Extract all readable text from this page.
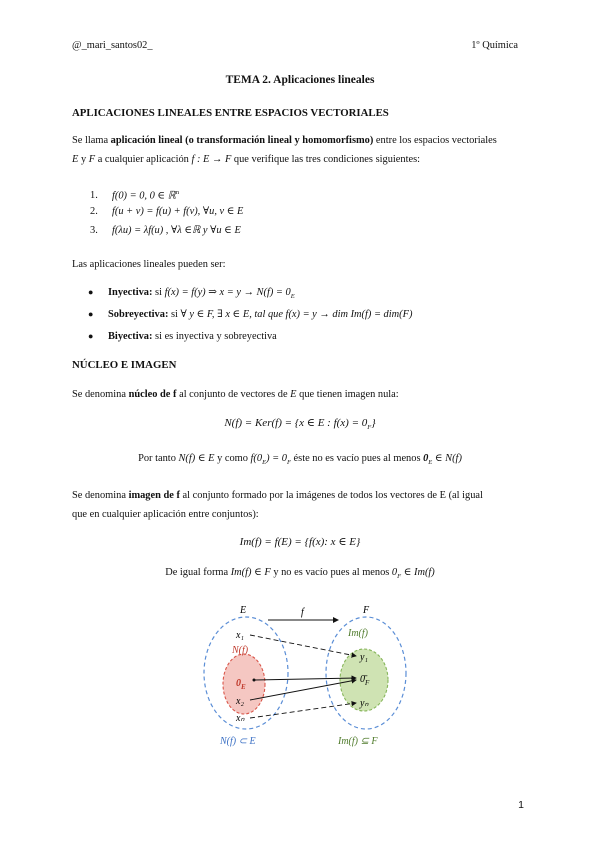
@_mari_santos02_	1º Química
TEMA 2. Aplicaciones lineales
APLICACIONES LINEALES ENTRE ESPACIOS VECTORIALES
Se llama aplicación lineal (o transformación lineal y homomorfismo) entre los espacios vectoriales
E y F a cualquier aplicación f : E → F que verifique las tres condiciones siguientes:
1. f(0) = 0, 0 ∈ ℝ$^n$
2. f(u + v) = f(u) + f(v), ∀u, v ∈ E
3. f(λu) = λf(u) , ∀λ ∈ℝ y ∀u ∈ E
Las aplicaciones lineales pueden ser:
● Inyectiva: si f(x) = f(y) ⇒ $x = y \to N(f) = 0_E$
● Sobreyectiva: si ∀ y ∈ F, ∃ x ∈ E, tal que f(x) = y → dim Im(f) = dim(F)
● Biyectiva: si es inyectiva y sobreyectiva
NÚCLEO E IMAGEN
Se denomina núcleo de f al conjunto de vectores de E que tienen imagen nula:
N(f) = Ker(f) = {x ∈ E : $f(x) = 0_F$}
Por tanto N(f) ∈ E y como $f(0_E) = 0_F$ éste no es vacío pues al menos $0_E$ ∈ N(f)
Se denomina imagen de f al conjunto formado por la imágenes de todos los vectores de E (al igual
que en cualquier aplicación entre conjuntos):
Im(f) = f(E) = {f(x): x ∈ E}
De igual forma Im(f) ∈ F y no es vacío pues al menos $0_F$ ∈ Im(f)
f
E	F
x₁
N(f)
$0_E$
x₂
xₙ
Im(f)
y₁
$0̄_F$
yₙ
N(f) ⊂ E	Im(f) ⊆ F
1
